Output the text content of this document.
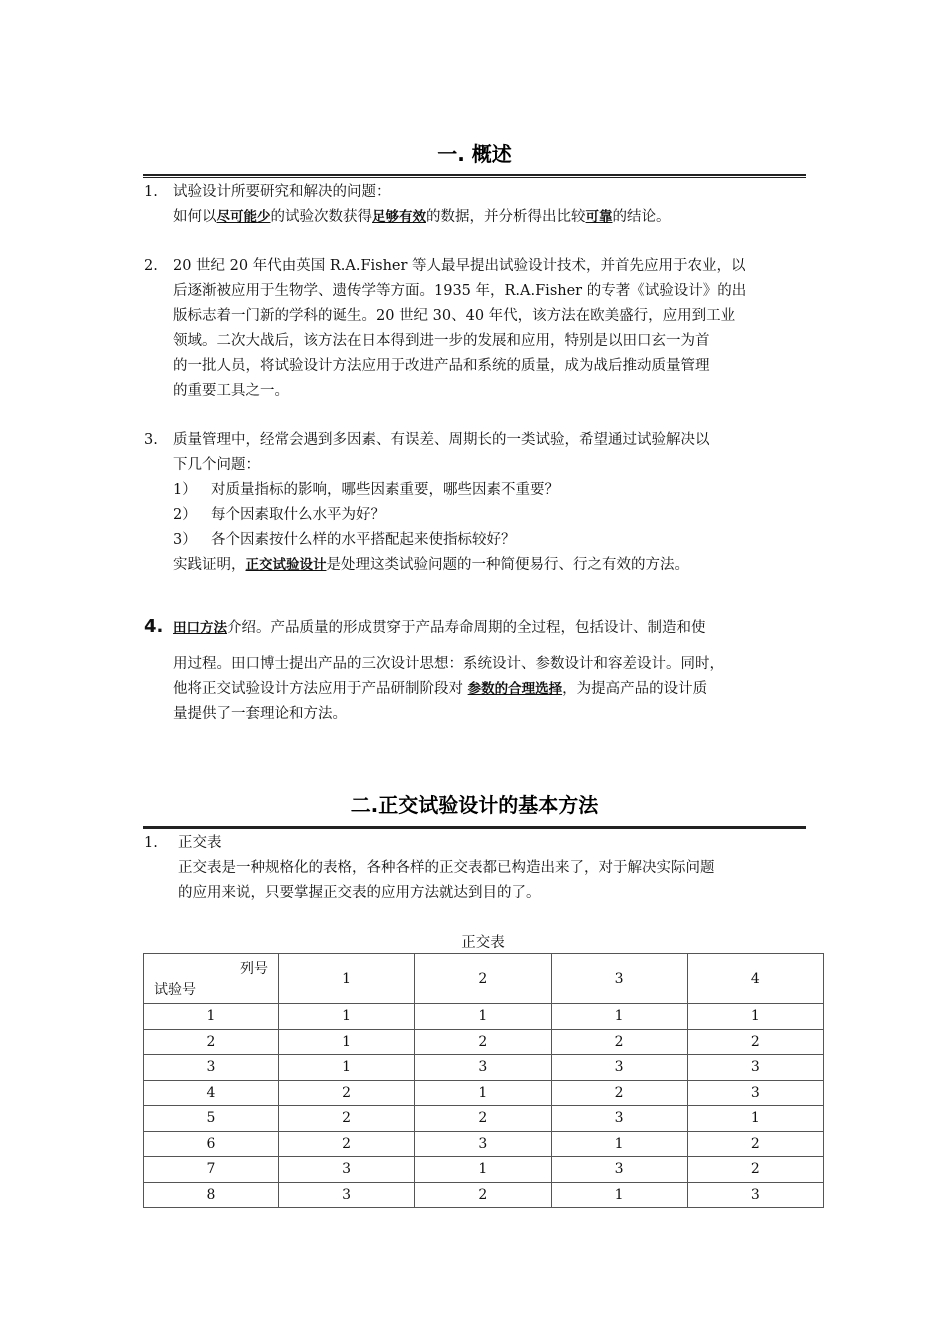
一. 概述
1. 试验设计所要研究和解决的问题：
如何以尽可能少的试验次数获得足够有效的数据，并分析得出比较可靠的结论。
2. 20 世纪 20 年代由英国 R.A.Fisher 等人最早提出试验设计技术，并首先应用于农业，以
后逐渐被应用于生物学、遗传学等方面。1935 年，R.A.Fisher 的专著《试验设计》的出
版标志着一门新的学科的诞生。20 世纪 30、40 年代，该方法在欧美盛行，应用到工业
领域。二次大战后，该方法在日本得到进一步的发展和应用，特别是以田口玄一为首
的一批人员，将试验设计方法应用于改进产品和系统的质量，成为战后推动质量管理
的重要工具之一。
3. 质量管理中，经常会遇到多因素、有误差、周期长的一类试验，希望通过试验解决以
下几个问题：
1） 对质量指标的影响，哪些因素重要，哪些因素不重要？
2） 每个因素取什么水平为好？
3） 各个因素按什么样的水平搭配起来使指标较好？
实践证明，正交试验设计是处理这类试验问题的一种简便易行、行之有效的方法。
4. 田口方法介绍。产品质量的形成贯穿于产品寿命周期的全过程，包括设计、制造和使
用过程。田口博士提出产品的三次设计思想：系统设计、参数设计和容差设计。同时，
他将正交试验设计方法应用于产品研制阶段对 参数的合理选择，为提高产品的设计质
量提供了一套理论和方法。
二.正交试验设计的基本方法
1. 正交表
正交表是一种规格化的表格，各种各样的正交表都已构造出来了，对于解决实际问题
的应用来说，只要掌握正交表的应用方法就达到目的了。
正交表
列号
试验号	1	2	3	4
1	1	1	1	1
2	1	2	2	2
3	1	3	3	3
4	2	1	2	3
5	2	2	3	1
6	2	3	1	2
7	3	1	3	2
8	3	2	1	3
